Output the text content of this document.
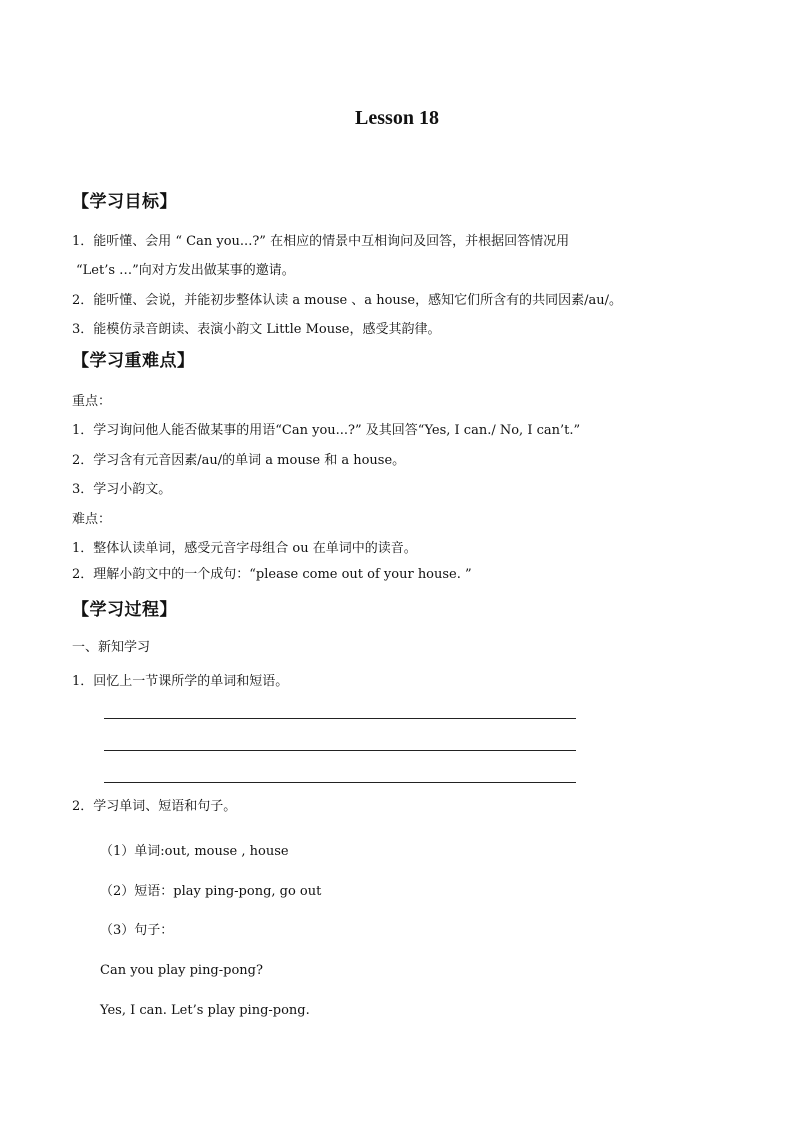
Lesson 18
【学习目标】
1．能听懂、会用 “ Can you...?” 在相应的情景中互相询问及回答，并根据回答情况用
“Let’s …”向对方发出做某事的邀请。
2．能听懂、会说，并能初步整体认读 a mouse 、a house，感知它们所含有的共同因素/au/。
3．能模仿录音朗读、表演小韵文 Little Mouse，感受其韵律。
【学习重难点】
重点：
1．学习询问他人能否做某事的用语“Can you...?” 及其回答“Yes, I can./ No, I can’t.”
2．学习含有元音因素/au/的单词 a mouse 和 a house。
3．学习小韵文。
难点：
1．整体认读单词，感受元音字母组合 ou 在单词中的读音。
2．理解小韵文中的一个成句：“please come out of your house. ”
【学习过程】
一、新知学习
1．回忆上一节课所学的单词和短语。
2．学习单词、短语和句子。
（1）单词:out, mouse , house
（2）短语：play ping-pong, go out
（3）句子：
Can you play ping-pong?
Yes, I can. Let’s play ping-pong.
